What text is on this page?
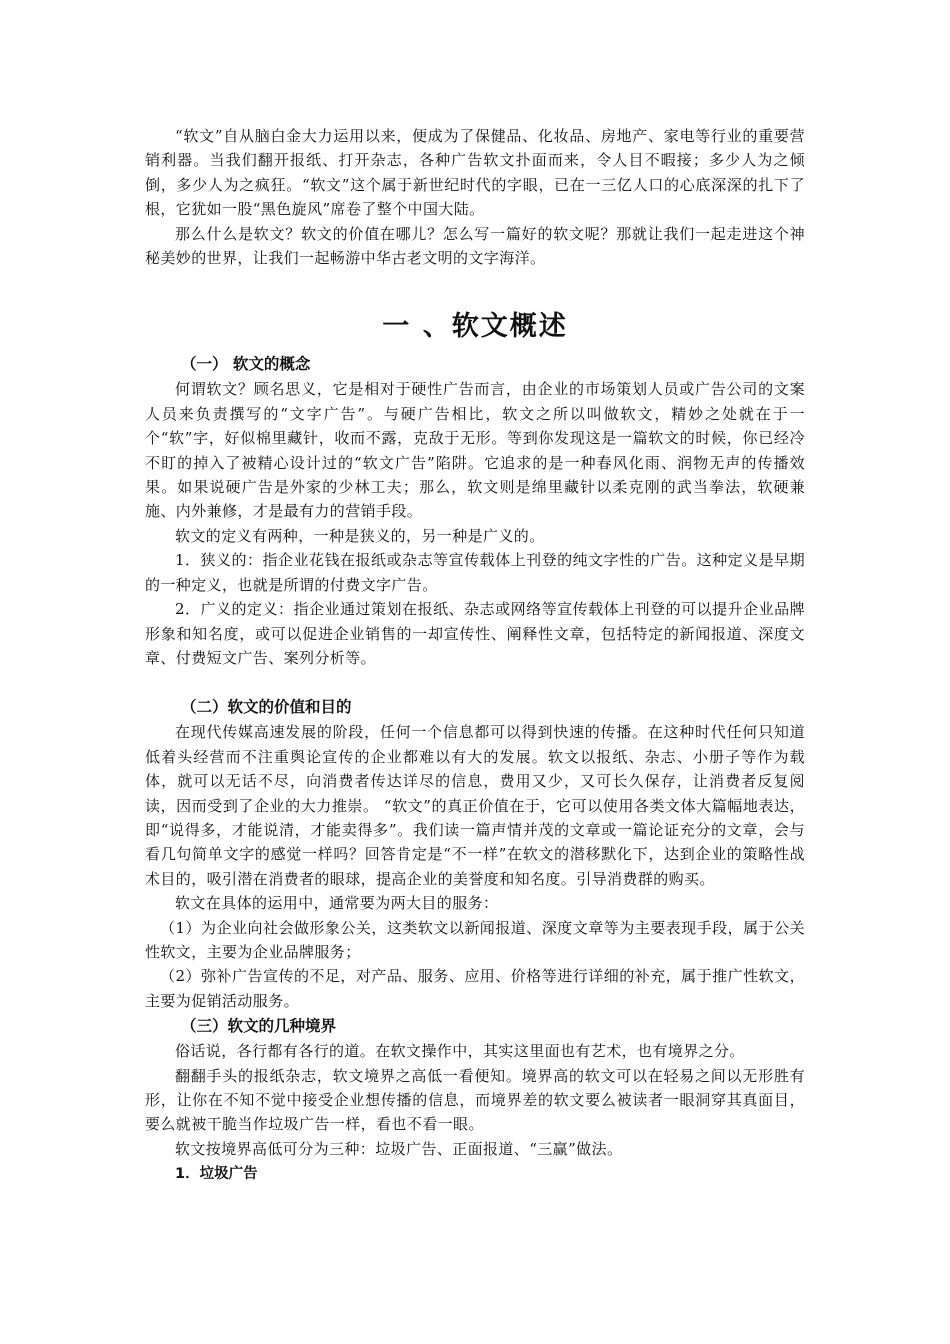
“软文”自从脑白金大力运用以来，便成为了保健品、化妆品、房地产、家电等行业的重要营销利器。当我们翻开报纸、打开杂志，各种广告软文扑面而来，令人目不暇接；多少人为之倾倒，多少人为之疯狂。“软文”这个属于新世纪时代的字眼，已在一三亿人口的心底深深的扎下了根，它犹如一股“黑色旋风”席卷了整个中国大陆。

那么什么是软文？软文的价值在哪儿？怎么写一篇好的软文呢？那就让我们一起走进这个神秘美妙的世界，让我们一起畅游中华古老文明的文字海洋。

一 、软文概述
（一） 软文的概念

何谓软文？顾名思义，它是相对于硬性广告而言，由企业的市场策划人员或广告公司的文案人员来负责撰写的“文字广告”。与硬广告相比，软文之所以叫做软文，精妙之处就在于一个“软”字，好似棉里藏针，收而不露，克敌于无形。等到你发现这是一篇软文的时候，你已经冷不盯的掉入了被精心设计过的“软文广告”陷阱。它追求的是一种春风化雨、润物无声的传播效果。如果说硬广告是外家的少林工夫；那么，软文则是绵里藏针以柔克刚的武当拳法，软硬兼施、内外兼修，才是最有力的营销手段。

软文的定义有两种，一种是狭义的，另一种是广义的。

1．狭义的：指企业花钱在报纸或杂志等宣传载体上刊登的纯文字性的广告。这种定义是早期的一种定义，也就是所谓的付费文字广告。

2．广义的定义：指企业通过策划在报纸、杂志或网络等宣传载体上刊登的可以提升企业品牌形象和知名度，或可以促进企业销售的一却宣传性、阐释性文章，包括特定的新闻报道、深度文章、付费短文广告、案列分析等。

（二）软文的价值和目的

在现代传媒高速发展的阶段，任何一个信息都可以得到快速的传播。在这种时代任何只知道低着头经营而不注重舆论宣传的企业都难以有大的发展。软文以报纸、杂志、小册子等作为载体，就可以无话不尽，向消费者传达详尽的信息，费用又少，又可长久保存，让消费者反复阅读，因而受到了企业的大力推崇。 “软文”的真正价值在于，它可以使用各类文体大篇幅地表达，即“说得多，才能说清，才能卖得多”。我们读一篇声情并茂的文章或一篇论证充分的文章，会与看几句简单文字的感觉一样吗？回答肯定是“不一样”在软文的潜移默化下，达到企业的策略性战术目的，吸引潜在消费者的眼球，提高企业的美誉度和知名度。引导消费群的购买。

软文在具体的运用中，通常要为两大目的服务：

（1）为企业向社会做形象公关，这类软文以新闻报道、深度文章等为主要表现手段，属于公关性软文，主要为企业品牌服务；

（2）弥补广告宣传的不足，对产品、服务、应用、价格等进行详细的补充，属于推广性软文，主要为促销活动服务。

（三）软文的几种境界

俗话说，各行都有各行的道。在软文操作中，其实这里面也有艺术，也有境界之分。

翻翻手头的报纸杂志，软文境界之高低一看便知。境界高的软文可以在轻易之间以无形胜有形，让你在不知不觉中接受企业想传播的信息，而境界差的软文要么被读者一眼洞穿其真面目，要么就被干脆当作垃圾广告一样，看也不看一眼。

软文按境界高低可分为三种：垃圾广告、正面报道、“三赢”做法。

1．垃圾广告
